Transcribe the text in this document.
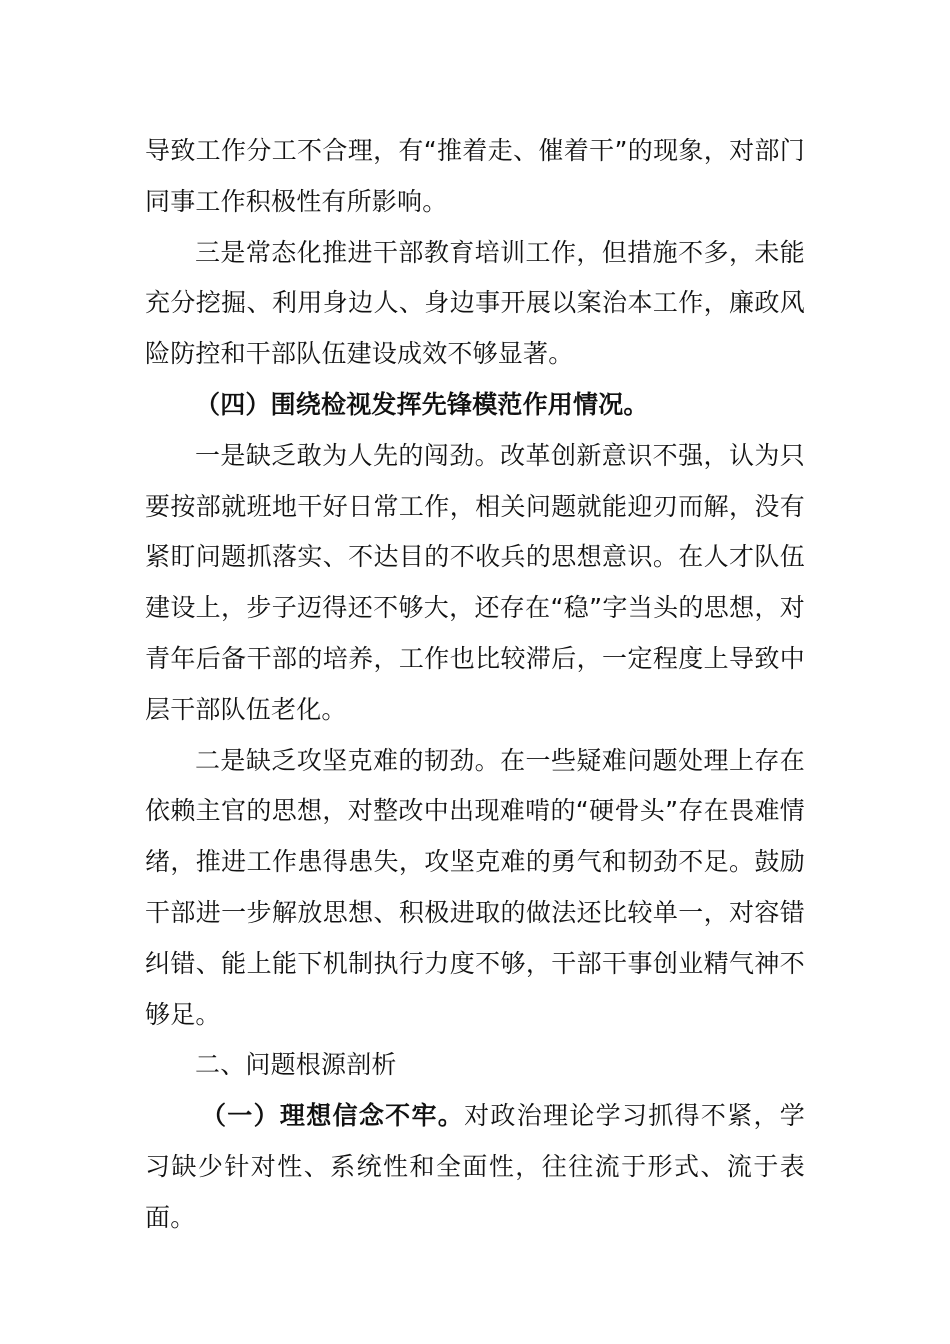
导致工作分工不合理，有“推着走、催着干”的现象，对部门同事工作积极性有所影响。

三是常态化推进干部教育培训工作，但措施不多，未能充分挖掘、利用身边人、身边事开展以案治本工作，廉政风险防控和干部队伍建设成效不够显著。

（四）围绕检视发挥先锋模范作用情况。

一是缺乏敢为人先的闯劲。改革创新意识不强，认为只要按部就班地干好日常工作，相关问题就能迎刃而解，没有紧盯问题抓落实、不达目的不收兵的思想意识。在人才队伍建设上，步子迈得还不够大，还存在“稳”字当头的思想，对青年后备干部的培养，工作也比较滞后，一定程度上导致中层干部队伍老化。

二是缺乏攻坚克难的韧劲。在一些疑难问题处理上存在依赖主官的思想，对整改中出现难啃的“硬骨头”存在畏难情绪，推进工作患得患失，攻坚克难的勇气和韧劲不足。鼓励干部进一步解放思想、积极进取的做法还比较单一，对容错纠错、能上能下机制执行力度不够，干部干事创业精气神不够足。

二、问题根源剖析

（一）理想信念不牢。对政治理论学习抓得不紧，学习缺少针对性、系统性和全面性，往往流于形式、流于表面。
